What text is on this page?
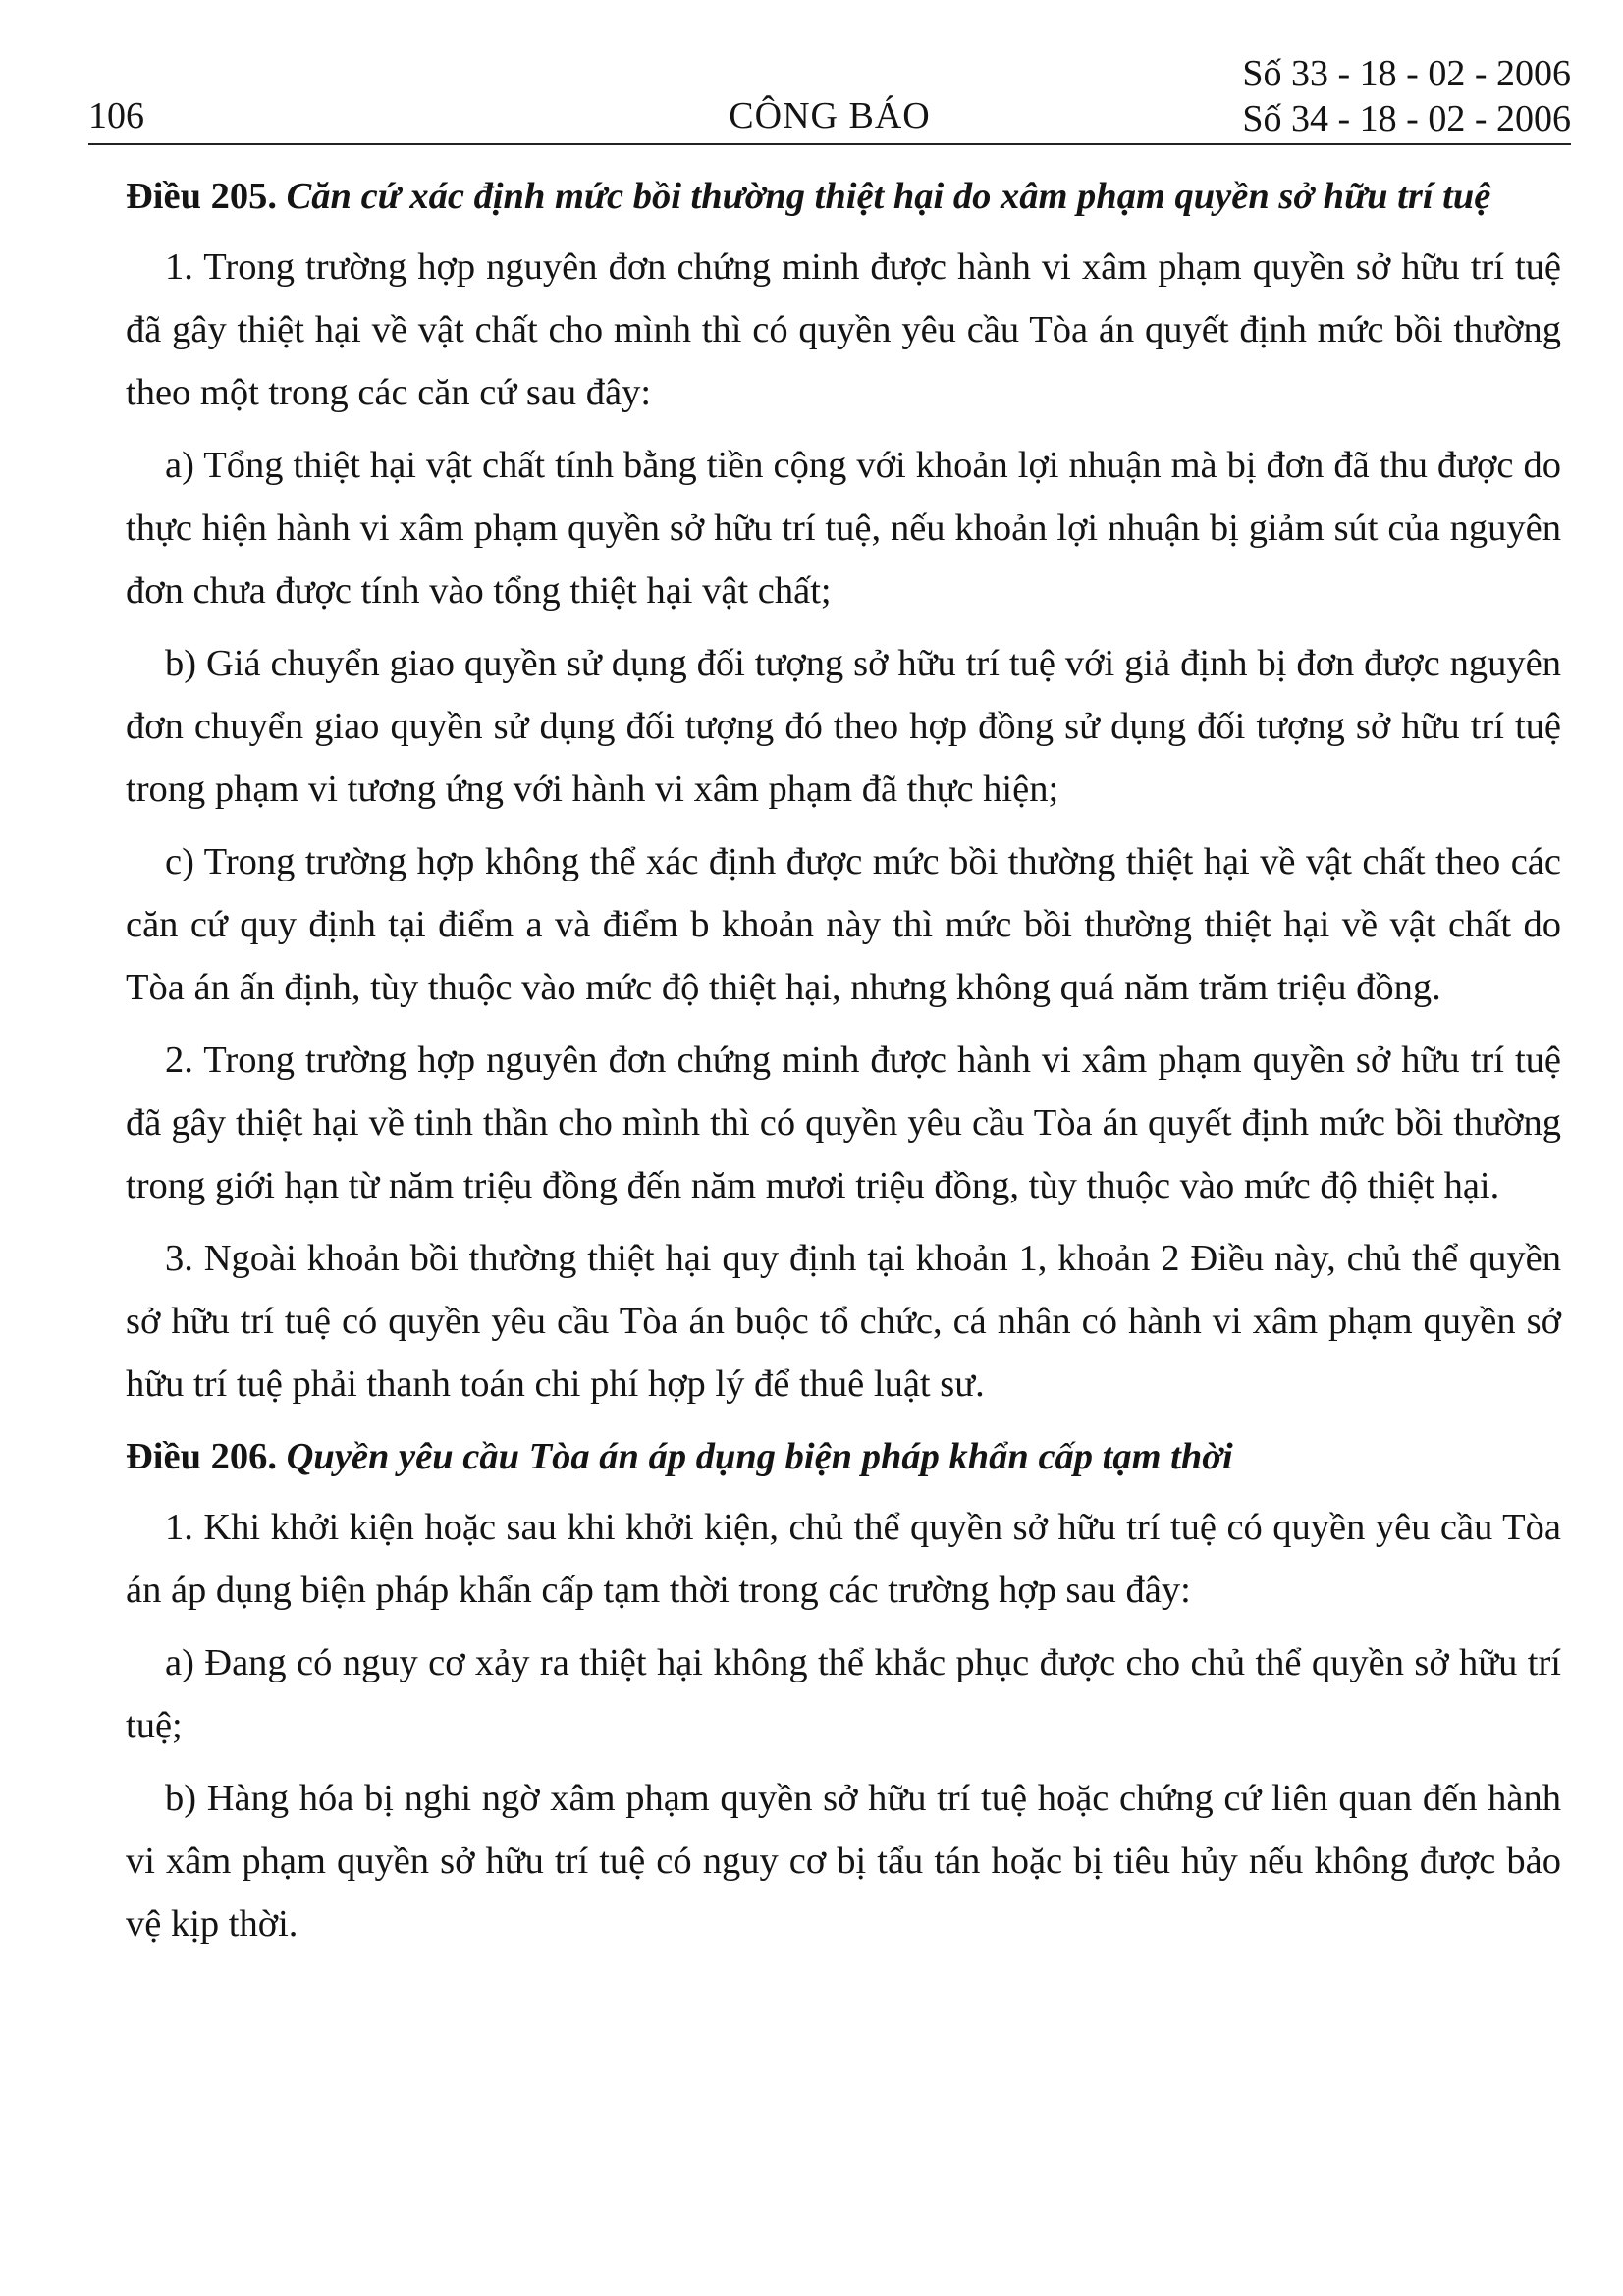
106	CÔNG BÁO
Số 33 - 18 - 02 - 2006
Số 34 - 18 - 02 - 2006

Điều 205. Căn cứ xác định mức bồi thường thiệt hại do xâm phạm quyền sở hữu trí tuệ

1. Trong trường hợp nguyên đơn chứng minh được hành vi xâm phạm quyền sở hữu trí tuệ đã gây thiệt hại về vật chất cho mình thì có quyền yêu cầu Tòa án quyết định mức bồi thường theo một trong các căn cứ sau đây:

a) Tổng thiệt hại vật chất tính bằng tiền cộng với khoản lợi nhuận mà bị đơn đã thu được do thực hiện hành vi xâm phạm quyền sở hữu trí tuệ, nếu khoản lợi nhuận bị giảm sút của nguyên đơn chưa được tính vào tổng thiệt hại vật chất;

b) Giá chuyển giao quyền sử dụng đối tượng sở hữu trí tuệ với giả định bị đơn được nguyên đơn chuyển giao quyền sử dụng đối tượng đó theo hợp đồng sử dụng đối tượng sở hữu trí tuệ trong phạm vi tương ứng với hành vi xâm phạm đã thực hiện;

c) Trong trường hợp không thể xác định được mức bồi thường thiệt hại về vật chất theo các căn cứ quy định tại điểm a và điểm b khoản này thì mức bồi thường thiệt hại về vật chất do Tòa án ấn định, tùy thuộc vào mức độ thiệt hại, nhưng không quá năm trăm triệu đồng.

2. Trong trường hợp nguyên đơn chứng minh được hành vi xâm phạm quyền sở hữu trí tuệ đã gây thiệt hại về tinh thần cho mình thì có quyền yêu cầu Tòa án quyết định mức bồi thường trong giới hạn từ năm triệu đồng đến năm mươi triệu đồng, tùy thuộc vào mức độ thiệt hại.

3. Ngoài khoản bồi thường thiệt hại quy định tại khoản 1, khoản 2 Điều này, chủ thể quyền sở hữu trí tuệ có quyền yêu cầu Tòa án buộc tổ chức, cá nhân có hành vi xâm phạm quyền sở hữu trí tuệ phải thanh toán chi phí hợp lý để thuê luật sư.

Điều 206. Quyền yêu cầu Tòa án áp dụng biện pháp khẩn cấp tạm thời

1. Khi khởi kiện hoặc sau khi khởi kiện, chủ thể quyền sở hữu trí tuệ có quyền yêu cầu Tòa án áp dụng biện pháp khẩn cấp tạm thời trong các trường hợp sau đây:

a) Đang có nguy cơ xảy ra thiệt hại không thể khắc phục được cho chủ thể quyền sở hữu trí tuệ;

b) Hàng hóa bị nghi ngờ xâm phạm quyền sở hữu trí tuệ hoặc chứng cứ liên quan đến hành vi xâm phạm quyền sở hữu trí tuệ có nguy cơ bị tẩu tán hoặc bị tiêu hủy nếu không được bảo vệ kịp thời.
